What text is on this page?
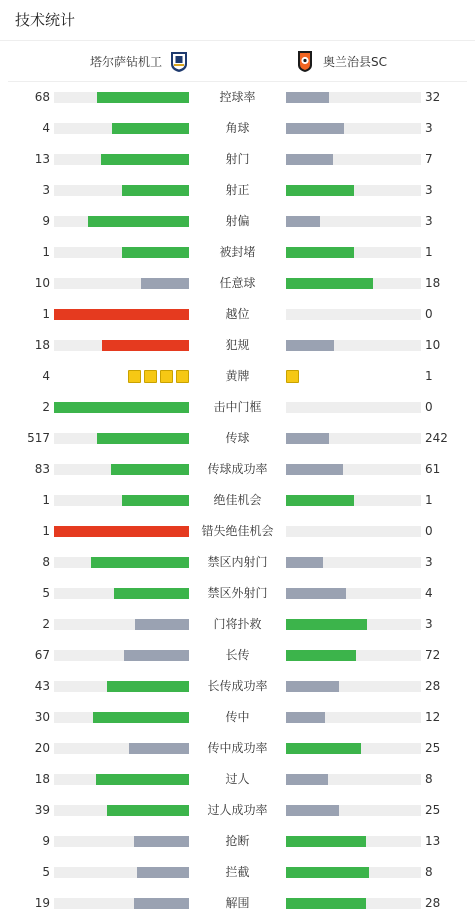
技术统计
塔尔萨钻机工	奥兰治县SC
68	控球率	32
4	角球	3
13	射门	7
3	射正	3
9	射偏	3
1	被封堵	1
10	任意球	18
1	越位	0
18	犯规	10
4	黄牌	1
2	击中门框	0
517	传球	242
83	传球成功率	61
1	绝佳机会	1
1	错失绝佳机会	0
8	禁区内射门	3
5	禁区外射门	4
2	门将扑救	3
67	长传	72
43	长传成功率	28
30	传中	12
20	传中成功率	25
18	过人	8
39	过人成功率	25
9	抢断	13
5	拦截	8
19	解围	28
